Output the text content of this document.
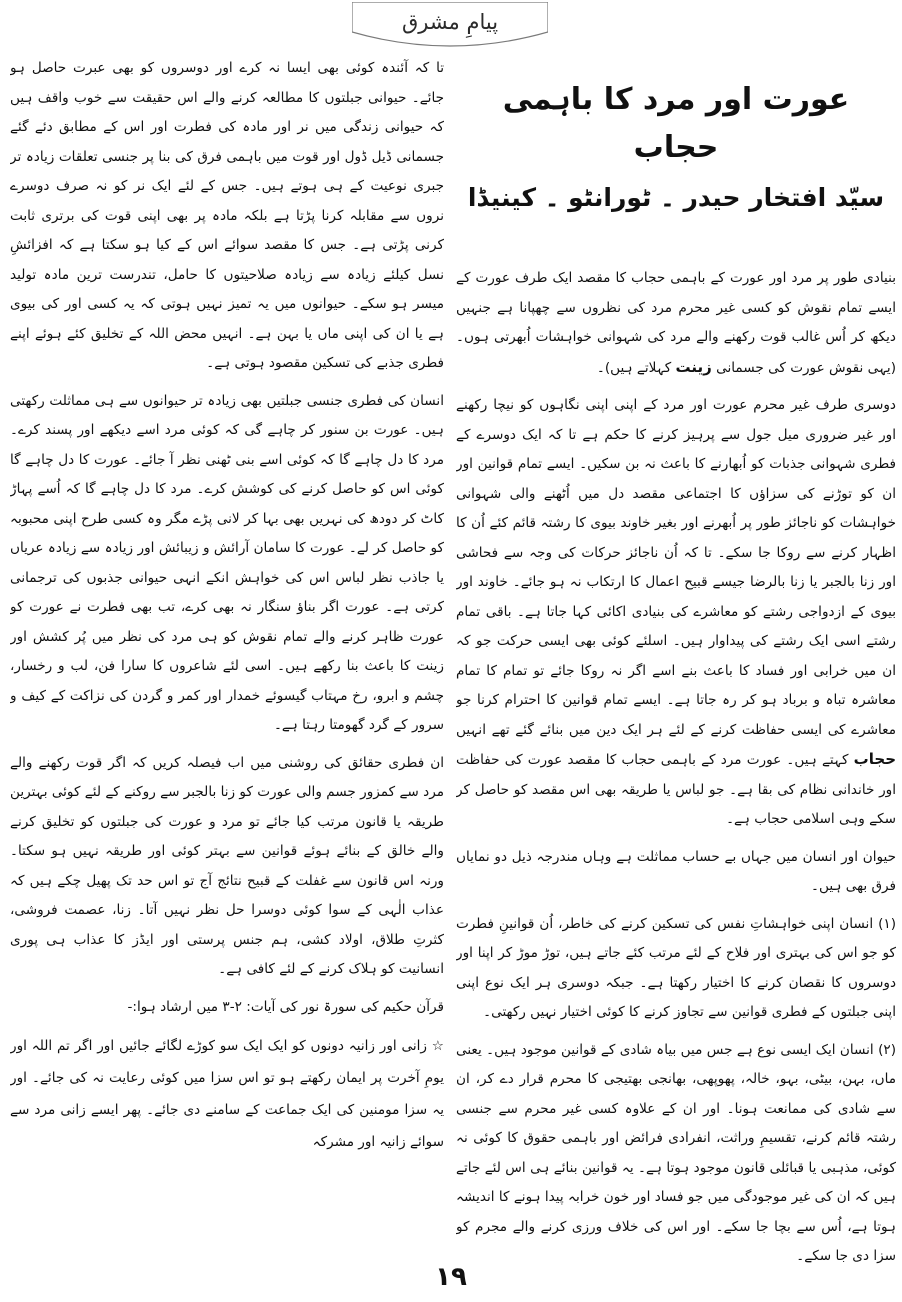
پیامِ مشرق
عورت اور مرد کا باہمی حجاب
سیّد افتخار حیدر ۔ ٹورانٹو ۔ کینیڈا

بنیادی طور پر مرد اور عورت کے باہمی حجاب کا مقصد ایک طرف عورت کے ایسے تمام نقوش کو کسی غیر محرم مرد کی نظروں سے چھپانا ہے جنہیں دیکھ کر اُس غالب قوت رکھنے والے مرد کی شہوانی خواہشات اُبھرتی ہوں۔ (یہی نقوش عورت کی جسمانی زینت کہلاتے ہیں)۔

دوسری طرف غیر محرم عورت اور مرد کے اپنی اپنی نگاہوں کو نیچا رکھنے اور غیر ضروری میل جول سے پرہیز کرنے کا حکم ہے تا کہ ایک دوسرے کے فطری شہوانی جذبات کو اُبھارنے کا باعث نہ بن سکیں۔ ایسے تمام قوانین اور ان کو توڑنے کی سزاؤں کا اجتماعی مقصد دل میں اُٹھنے والی شہوانی خواہشات کو ناجائز طور پر اُبھرنے اور بغیر خاوند بیوی کا رشتہ قائم کئے اُن کا اظہار کرنے سے روکا جا سکے۔ تا کہ اُن ناجائز حرکات کی وجہ سے فحاشی اور زنا بالجبر یا زنا بالرضا جیسے قبیح اعمال کا ارتکاب نہ ہو جائے۔ خاوند اور بیوی کے ازدواجی رشتے کو معاشرے کی بنیادی اکائی کہا جاتا ہے۔ باقی تمام رشتے اسی ایک رشتے کی پیداوار ہیں۔ اسلئے کوئی بھی ایسی حرکت جو کہ ان میں خرابی اور فساد کا باعث بنے اسے اگر نہ روکا جائے تو تمام کا تمام معاشرہ تباہ و برباد ہو کر رہ جاتا ہے۔ ایسے تمام قوانین کا احترام کرنا جو معاشرے کی ایسی حفاظت کرنے کے لئے ہر ایک دین میں بنائے گئے تھے انہیں حجاب کہتے ہیں۔ عورت مرد کے باہمی حجاب کا مقصد عورت کی حفاظت اور خاندانی نظام کی بقا ہے۔ جو لباس یا طریقہ بھی اس مقصد کو حاصل کر سکے وہی اسلامی حجاب ہے۔

حیوان اور انسان میں جہاں بے حساب مماثلت ہے وہاں مندرجہ ذیل دو نمایاں فرق بھی ہیں۔

(۱) انسان اپنی خواہشاتِ نفس کی تسکین کرنے کی خاطر، اُن قوانینِ فطرت کو جو اس کی بہتری اور فلاح کے لئے مرتب کئے جاتے ہیں، توڑ موڑ کر اپنا اور دوسروں کا نقصان کرنے کا اختیار رکھتا ہے۔ جبکہ دوسری ہر ایک نوع اپنی اپنی جبلتوں کے فطری قوانین سے تجاوز کرنے کا کوئی اختیار نہیں رکھتی۔

(۲) انسان ایک ایسی نوع ہے جس میں بیاہ شادی کے قوانین موجود ہیں۔ یعنی ماں، بہن، بیٹی، بہو، خالہ، پھوپھی، بھانجی بھتیجی کا محرم قرار دے کر، ان سے شادی کی ممانعت ہونا۔ اور ان کے علاوہ کسی غیر محرم سے جنسی رشتہ قائم کرنے، تقسیمِ وراثت، انفرادی فرائض اور باہمی حقوق کا کوئی نہ کوئی، مذہبی یا قبائلی قانون موجود ہوتا ہے۔ یہ قوانین بنائے ہی اس لئے جاتے ہیں کہ ان کی غیر موجودگی میں جو فساد اور خون خرابہ پیدا ہونے کا اندیشہ ہوتا ہے، اُس سے بچا جا سکے۔ اور اس کی خلاف ورزی کرنے والے مجرم کو سزا دی جا سکے۔

تا کہ آئندہ کوئی بھی ایسا نہ کرے اور دوسروں کو بھی عبرت حاصل ہو جائے۔ حیوانی جبلتوں کا مطالعہ کرنے والے اس حقیقت سے خوب واقف ہیں کہ حیوانی زندگی میں نر اور مادہ کی فطرت اور اس کے مطابق دئے گئے جسمانی ڈیل ڈول اور قوت میں باہمی فرق کی بنا پر جنسی تعلقات زیادہ تر جبری نوعیت کے ہی ہوتے ہیں۔ جس کے لئے ایک نر کو نہ صرف دوسرے نروں سے مقابلہ کرنا پڑتا ہے بلکہ مادہ پر بھی اپنی قوت کی برتری ثابت کرنی پڑتی ہے۔ جس کا مقصد سوائے اس کے کیا ہو سکتا ہے کہ افزائشِ نسل کیلئے زیادہ سے زیادہ صلاحیتوں کا حامل، تندرست ترین مادہ تولید میسر ہو سکے۔ حیوانوں میں یہ تمیز نہیں ہوتی کہ یہ کسی اور کی بیوی ہے یا ان کی اپنی ماں یا بہن ہے۔ انہیں محض اللہ کے تخلیق کئے ہوئے اپنے فطری جذبے کی تسکین مقصود ہوتی ہے۔

انسان کی فطری جنسی جبلتیں بھی زیادہ تر حیوانوں سے ہی مماثلت رکھتی ہیں۔ عورت بن سنور کر چاہے گی کہ کوئی مرد اسے دیکھے اور پسند کرے۔ مرد کا دل چاہے گا کہ کوئی اسے بنی ٹھنی نظر آ جائے۔ عورت کا دل چاہے گا کوئی اس کو حاصل کرنے کی کوشش کرے۔ مرد کا دل چاہے گا کہ اُسے پہاڑ کاٹ کر دودھ کی نہریں بھی بہا کر لانی پڑے مگر وہ کسی طرح اپنی محبوبہ کو حاصل کر لے۔ عورت کا سامان آرائش و زیبائش اور زیادہ سے زیادہ عریاں یا جاذب نظر لباس اس کی خواہش انکے انہی حیوانی جذبوں کی ترجمانی کرتی ہے۔ عورت اگر بناؤ سنگار نہ بھی کرے، تب بھی فطرت نے عورت کو عورت ظاہر کرنے والے تمام نقوش کو ہی مرد کی نظر میں پُر کشش اور زینت کا باعث بنا رکھے ہیں۔ اسی لئے شاعروں کا سارا فن، لب و رخسار، چشم و ابرو، رخ مہتاب گیسوئے خمدار اور کمر و گردن کی نزاکت کے کیف و سرور کے گرد گھومتا رہتا ہے۔

ان فطری حقائق کی روشنی میں اب فیصلہ کریں کہ اگر قوت رکھنے والے مرد سے کمزور جسم والی عورت کو زنا بالجبر سے روکنے کے لئے کوئی بہترین طریقہ یا قانون مرتب کیا جائے تو مرد و عورت کی جبلتوں کو تخلیق کرنے والے خالق کے بنائے ہوئے قوانین سے بہتر کوئی اور طریقہ نہیں ہو سکتا۔ ورنہ اس قانون سے غفلت کے قبیح نتائج آج تو اس حد تک پھیل چکے ہیں کہ عذاب الٰہی کے سوا کوئی دوسرا حل نظر نہیں آتا۔ زنا، عصمت فروشی، کثرتِ طلاق، اولاد کشی، ہم جنس پرستی اور ایڈز کا عذاب ہی پوری انسانیت کو ہلاک کرنے کے لئے کافی ہے۔

قرآن حکیم کی سورۃ نور کی آیات: ۲-۳ میں ارشاد ہوا:-

☆ زانی اور زانیہ دونوں کو ایک ایک سو کوڑے لگائے جائیں اور اگر تم اللہ اور یومِ آخرت پر ایمان رکھتے ہو تو اس سزا میں کوئی رعایت نہ کی جائے۔ اور یہ سزا مومنین کی ایک جماعت کے سامنے دی جائے۔ پھر ایسے زانی مرد سے سوائے زانیہ اور مشرکہ

۱۹
